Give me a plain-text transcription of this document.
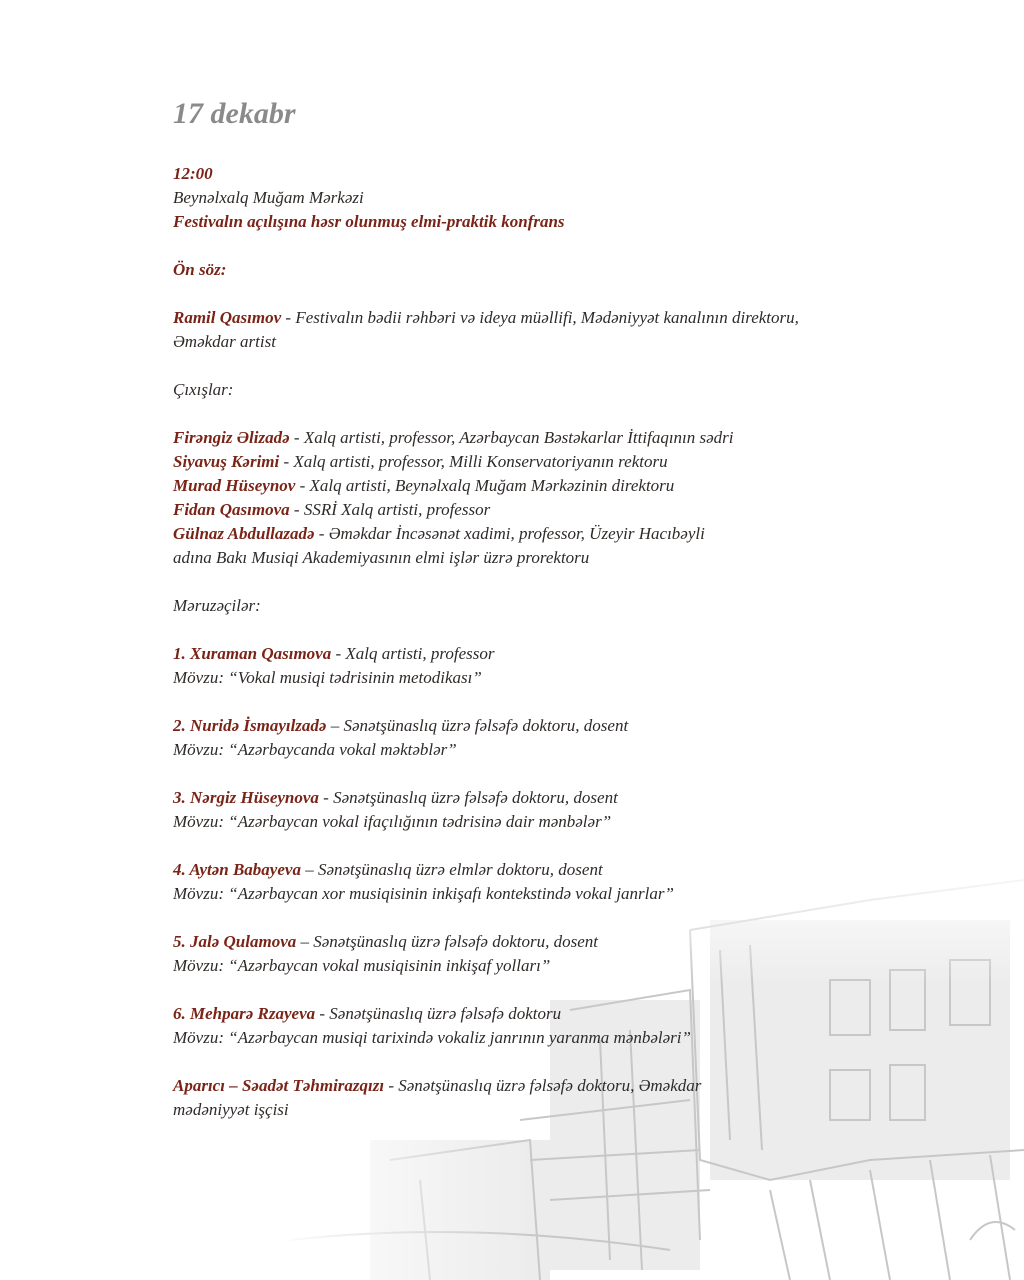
17 dekabr

12:00

Beynəlxalq Muğam Mərkəzi

Festivalın açılışına həsr olunmuş elmi-praktik konfrans

Ön söz:

Ramil Qasımov - Festivalın bədii rəhbəri və ideya müəllifi, Mədəniyyət kanalının direktoru,

Əməkdar artist

Çıxışlar:

Firəngiz Əlizadə - Xalq artisti, professor, Azərbaycan Bəstəkarlar İttifaqının sədri

Siyavuş Kərimi - Xalq artisti, professor, Milli Konservatoriyanın rektoru

Murad Hüseynov - Xalq artisti, Beynəlxalq Muğam Mərkəzinin direktoru

Fidan Qasımova - SSRİ Xalq artisti, professor

Gülnaz Abdullazadə - Əməkdar İncəsənət xadimi, professor, Üzeyir Hacıbəyli

adına Bakı Musiqi Akademiyasının elmi işlər üzrə prorektoru

Məruzəçilər:

1. Xuraman Qasımova - Xalq artisti, professor

Mövzu: “Vokal musiqi tədrisinin metodikası”

2. Nuridə İsmayılzadə – Sənətşünaslıq üzrə fəlsəfə doktoru, dosent

Mövzu: “Azərbaycanda vokal məktəblər”

3. Nərgiz Hüseynova - Sənətşünaslıq üzrə fəlsəfə doktoru, dosent

Mövzu: “Azərbaycan vokal ifaçılığının tədrisinə dair mənbələr”

4. Aytən Babayeva – Sənətşünaslıq üzrə elmlər doktoru, dosent

Mövzu: “Azərbaycan xor musiqisinin inkişafı kontekstində vokal janrlar”

5. Jalə Qulamova – Sənətşünaslıq üzrə fəlsəfə doktoru, dosent

Mövzu: “Azərbaycan vokal musiqisinin inkişaf yolları”

6. Mehparə Rzayeva - Sənətşünaslıq üzrə fəlsəfə doktoru

Mövzu: “Azərbaycan musiqi tarixində vokaliz janrının yaranma mənbələri”

Aparıcı – Səadət Təhmirazqızı - Sənətşünaslıq üzrə fəlsəfə doktoru, Əməkdar

mədəniyyət işçisi
